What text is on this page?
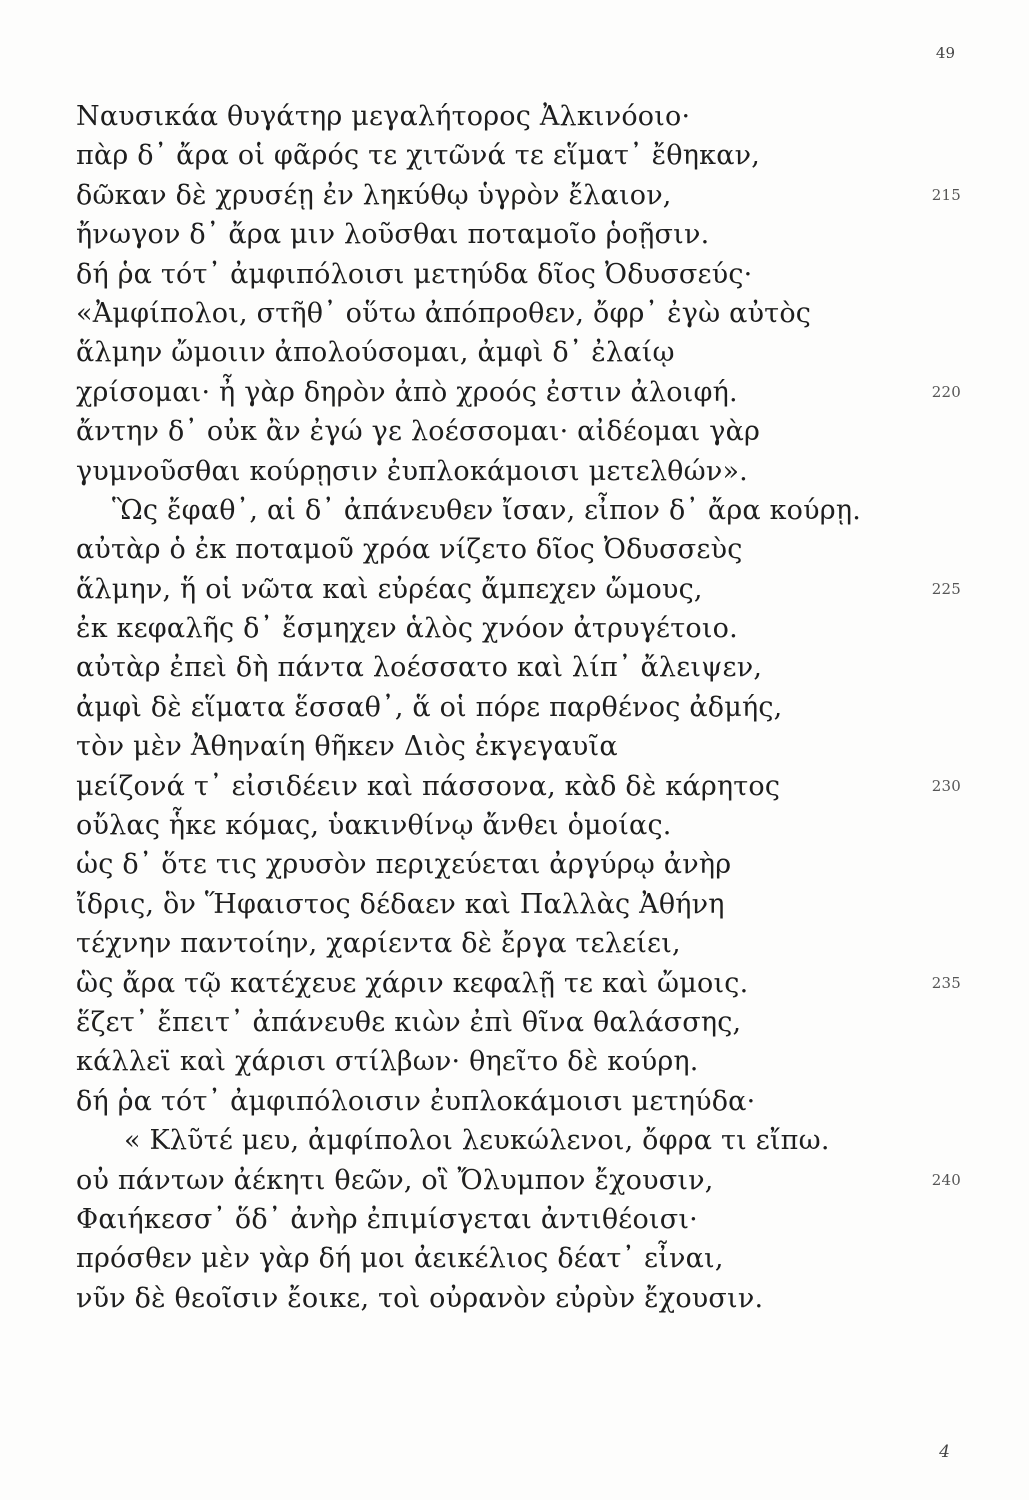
49
Ναυσικάα θυγάτηρ μεγαλήτορος Ἀλκινόοιο·
πὰρ δ᾽ ἄρα οἱ φᾶρός τε χιτῶνά τε εἵματ᾽ ἔθηκαν,
δῶκαν δὲ χρυσέῃ ἐν ληκύθῳ ὑγρὸν ἔλαιον,	215
ἤνωγον δ᾽ ἄρα μιν λοῦσθαι ποταμοῖο ῥοῇσιν.
δή ῥα τότ᾽ ἀμφιπόλοισι μετηύδα δῖος Ὀδυσσεύς·
«Ἀμφίπολοι, στῆθ᾽ οὕτω ἀπόπροθεν, ὄφρ᾽ ἐγὼ αὐτὸς
ἅλμην ὤμοιιν ἀπολούσομαι, ἀμφὶ δ᾽ ἐλαίῳ
χρίσομαι· ἦ γὰρ δηρὸν ἀπὸ χροός ἐστιν ἀλοιφή.	220
ἄντην δ᾽ οὐκ ἂν ἐγώ γε λοέσσομαι· αἰδέομαι γὰρ
γυμνοῦσθαι κούρῃσιν ἐυπλοκάμοισι μετελθών».
Ὣς ἔφαθ᾽, αἱ δ᾽ ἀπάνευθεν ἴσαν, εἶπον δ᾽ ἄρα κούρῃ.
αὐτὰρ ὁ ἐκ ποταμοῦ χρόα νίζετο δῖος Ὀδυσσεὺς
ἅλμην, ἥ οἱ νῶτα καὶ εὐρέας ἄμπεχεν ὤμους,	225
ἐκ κεφαλῆς δ᾽ ἔσμηχεν ἁλὸς χνόον ἀτρυγέτοιο.
αὐτὰρ ἐπεὶ δὴ πάντα λοέσσατο καὶ λίπ᾽ ἄλειψεν,
ἀμφὶ δὲ εἵματα ἕσσαθ᾽, ἅ οἱ πόρε παρθένος ἀδμής,
τὸν μὲν Ἀθηναίη θῆκεν Διὸς ἐκγεγαυῖα
μείζονά τ᾽ εἰσιδέειν καὶ πάσσονα, κὰδ δὲ κάρητος	230
οὔλας ἧκε κόμας, ὑακινθίνῳ ἄνθει ὁμοίας.
ὡς δ᾽ ὅτε τις χρυσὸν περιχεύεται ἀργύρῳ ἀνὴρ
ἴδρις, ὃν Ἥφαιστος δέδαεν καὶ Παλλὰς Ἀθήνη
τέχνην παντοίην, χαρίεντα δὲ ἔργα τελείει,
ὣς ἄρα τῷ κατέχευε χάριν κεφαλῇ τε καὶ ὤμοις.	235
ἕζετ᾽ ἔπειτ᾽ ἀπάνευθε κιὼν ἐπὶ θῖνα θαλάσσης,
κάλλεϊ καὶ χάρισι στίλβων· θηεῖτο δὲ κούρη.
δή ῥα τότ᾽ ἀμφιπόλοισιν ἐυπλοκάμοισι μετηύδα·
« Κλῦτέ μευ, ἀμφίπολοι λευκώλενοι, ὄφρα τι εἴπω.
οὐ πάντων ἀέκητι θεῶν, οἳ Ὄλυμπον ἔχουσιν,	240
Φαιήκεσσ᾽ ὅδ᾽ ἀνὴρ ἐπιμίσγεται ἀντιθέοισι·
πρόσθεν μὲν γὰρ δή μοι ἀεικέλιος δέατ᾽ εἶναι,
νῦν δὲ θεοῖσιν ἔοικε, τοὶ οὐρανὸν εὐρὺν ἔχουσιν.
4
